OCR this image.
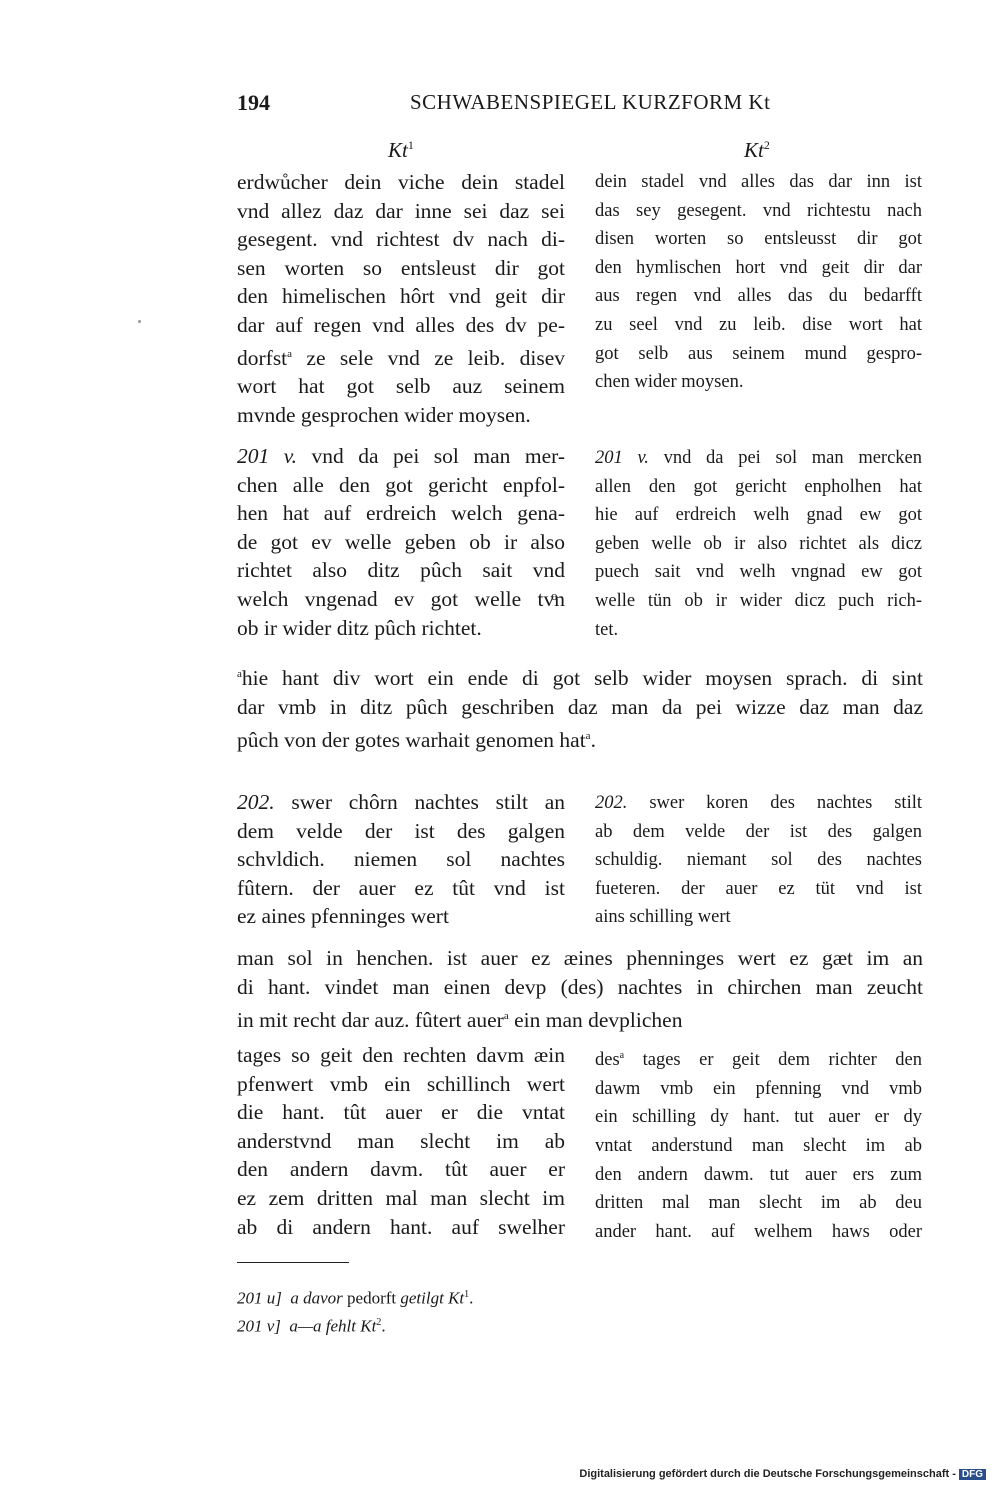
194	SCHWABENSPIEGEL KURZFORM Kt
Kt$^1$	Kt$^2$
erdwůcher dein viche dein stadel
vnd allez daz dar inne sei daz sei
gesegent. vnd richtest dv nach di-
sen worten so entsleust dir got
den himelischen hôrt vnd geit dir
dar auf regen vnd alles des dv pe-
dorfst$^a$ ze sele vnd ze leib. disev
wort hat got selb auz seinem
mvnde gesprochen wider moysen.
dein stadel vnd alles das dar inn ist
das sey gesegent. vnd richtestu nach
disen worten so entsleusst dir got
den hymlischen hort vnd geit dir dar
aus regen vnd alles das du bedarfft
zu seel vnd zu leib. dise wort hat
got selb aus seinem mund gespro-
chen wider moysen.
201 v. vnd da pei sol man mer-
chen alle den got gericht enpfol-
hen hat auf erdreich welch gena-
de got ev welle geben ob ir also
richtet also ditz pûch sait vnd
welch vngenad ev got welle tvͦn
ob ir wider ditz pûch richtet.
201 v. vnd da pei sol man mercken
allen den got gericht enpholhen hat
hie auf erdreich welh gnad ew got
geben welle ob ir also richtet als dicz
puech sait vnd welh vngnad ew got
welle tün ob ir wider dicz puch rich-
tet.
$^a$hie hant div wort ein ende di got selb wider moysen sprach. di sint
dar vmb in ditz pûch geschriben daz man da pei wizze daz man daz
pûch von der gotes warhait genomen hat$^a$.
202. swer chôrn nachtes stilt an
dem velde der ist des galgen
schvldich. niemen sol nachtes
fûtern. der auer ez tût vnd ist
ez aines pfenninges wert
202. swer koren des nachtes stilt
ab dem velde der ist des galgen
schuldig. niemant sol des nachtes
fueteren. der auer ez tüt vnd ist
ains schilling wert
man sol in henchen. ist auer ez æines phenninges wert ez gæt im an
di hant. vindet man einen devp (des) nachtes in chirchen man zeucht
in mit recht dar auz. fûtert auer$^a$ ein man devplichen
tages so geit den rechten davm æin
pfenwert vmb ein schillinch wert
die hant. tût auer er die vntat
anderstvnd man slecht im ab
den andern davm. tût auer er
ez zem dritten mal man slecht im
ab di andern hant. auf swelher
des$^a$ tages er geit dem richter den
dawm vmb ein pfenning vnd vmb
ein schilling dy hant. tut auer er dy
vntat anderstund man slecht im ab
den andern dawm. tut auer ers zum
dritten mal man slecht im ab deu
ander hant. auf welhem haws oder
201 u] a davor pedorft getilgt Kt$^1$.
201 v] a—a fehlt Kt$^2$.
Digitalisierung gefördert durch die Deutsche Forschungsgemeinschaft - DFG
